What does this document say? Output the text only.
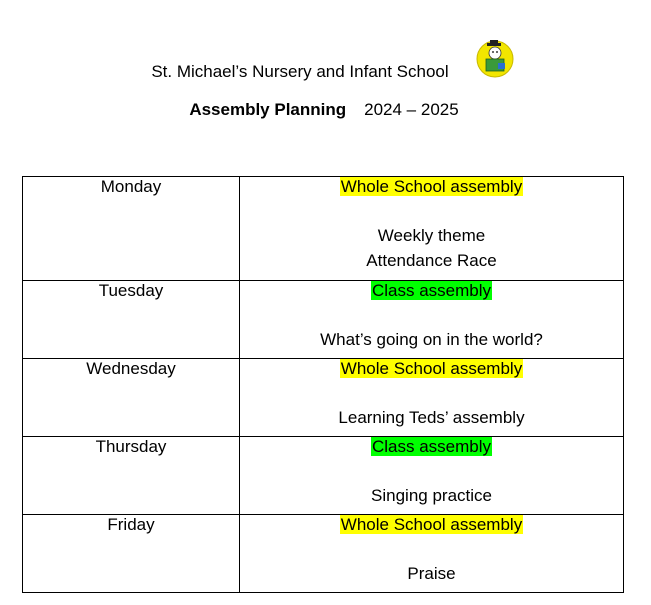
St. Michael’s Nursery and Infant School
Assembly Planning 2024 – 2025
Monday	Whole School assembly
Weekly theme
Attendance Race

Tuesday	Class assembly
What’s going on in the world?

Wednesday	Whole School assembly
Learning Teds’ assembly

Thursday	Class assembly
Singing practice

Friday	Whole School assembly
Praise
